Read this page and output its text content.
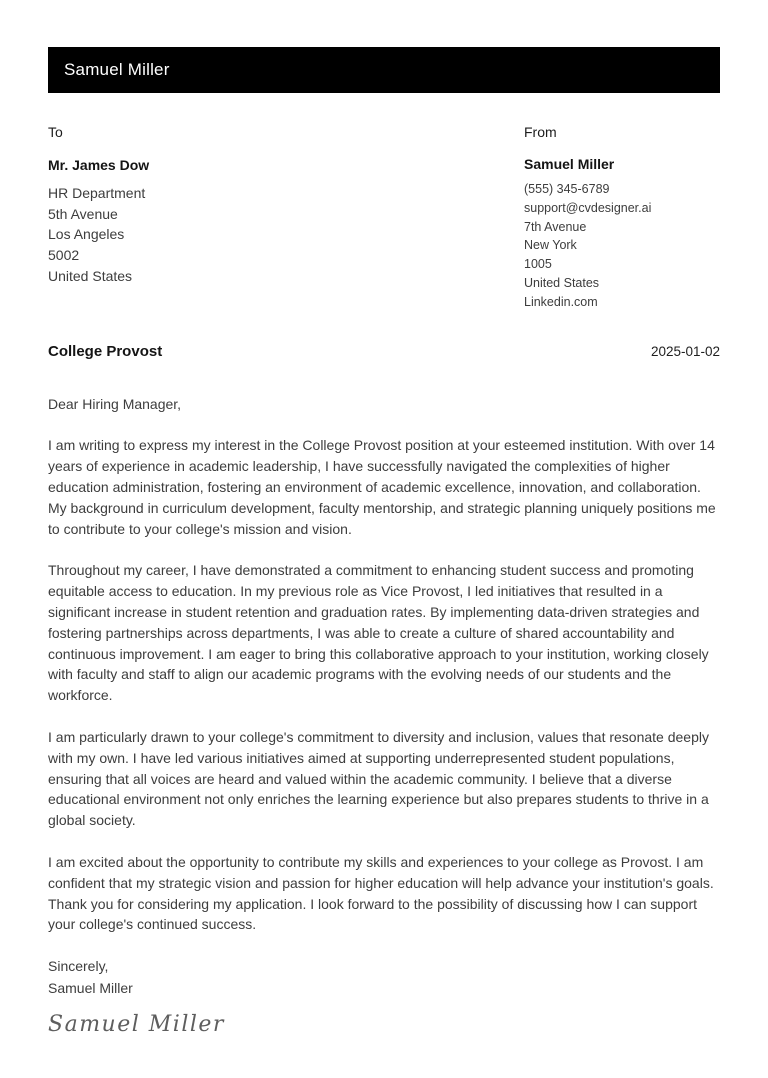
Samuel Miller
To
Mr. James Dow
HR Department
5th Avenue
Los Angeles
5002
United States
From
Samuel Miller
(555) 345-6789
support@cvdesigner.ai
7th Avenue
New York
1005
United States
Linkedin.com
College Provost	2025-01-02
Dear Hiring Manager,

I am writing to express my interest in the College Provost position at your esteemed institution. With over 14 years of experience in academic leadership, I have successfully navigated the complexities of higher education administration, fostering an environment of academic excellence, innovation, and collaboration. My background in curriculum development, faculty mentorship, and strategic planning uniquely positions me to contribute to your college's mission and vision.

Throughout my career, I have demonstrated a commitment to enhancing student success and promoting equitable access to education. In my previous role as Vice Provost, I led initiatives that resulted in a significant increase in student retention and graduation rates. By implementing data-driven strategies and fostering partnerships across departments, I was able to create a culture of shared accountability and continuous improvement. I am eager to bring this collaborative approach to your institution, working closely with faculty and staff to align our academic programs with the evolving needs of our students and the workforce.

I am particularly drawn to your college's commitment to diversity and inclusion, values that resonate deeply with my own. I have led various initiatives aimed at supporting underrepresented student populations, ensuring that all voices are heard and valued within the academic community. I believe that a diverse educational environment not only enriches the learning experience but also prepares students to thrive in a global society.

I am excited about the opportunity to contribute my skills and experiences to your college as Provost. I am confident that my strategic vision and passion for higher education will help advance your institution's goals. Thank you for considering my application. I look forward to the possibility of discussing how I can support your college's continued success.

Sincerely,
Samuel Miller
Samuel Miller
